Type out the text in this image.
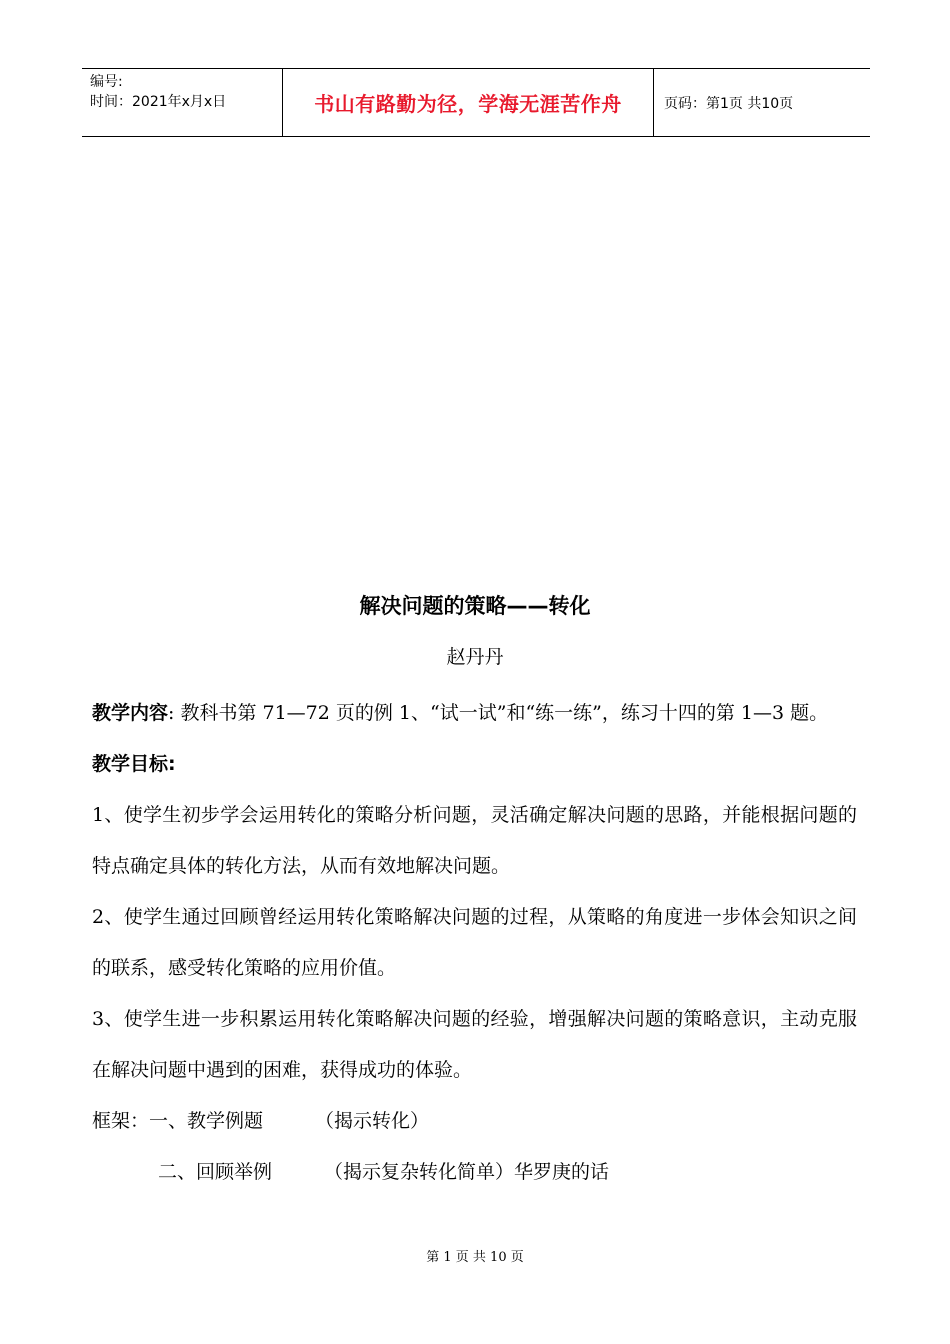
编号:
时间：2021年x月x日	书山有路勤为径，学海无涯苦作舟	页码：第1页 共10页
解决问题的策略——转化
赵丹丹

教学内容: 教科书第 71—72 页的例 1、“试一试”和“练一练”，练习十四的第 1—3 题。

教学目标:

1、使学生初步学会运用转化的策略分析问题，灵活确定解决问题的思路，并能根据问题的特点确定具体的转化方法，从而有效地解决问题。

2、使学生通过回顾曾经运用转化策略解决问题的过程，从策略的角度进一步体会知识之间的联系，感受转化策略的应用价值。

3、使学生进一步积累运用转化策略解决问题的经验，增强解决问题的策略意识，主动克服在解决问题中遇到的困难，获得成功的体验。

框架：一、教学例题	（揭示转化）

二、回顾举例	（揭示复杂转化简单）华罗庚的话

第 1 页 共 10 页
